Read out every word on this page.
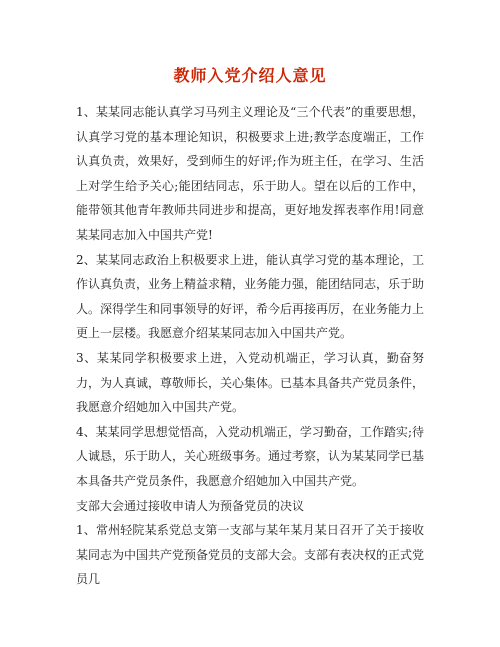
教师入党介绍人意见

1、某某同志能认真学习马列主义理论及“三个代表”的重要思想，认真学习党的基本理论知识，积极要求上进;教学态度端正，工作认真负责，效果好，受到师生的好评;作为班主任，在学习、生活上对学生给予关心;能团结同志，乐于助人。望在以后的工作中，能带领其他青年教师共同进步和提高，更好地发挥表率作用!同意某某同志加入中国共产党!

2、某某同志政治上积极要求上进，能认真学习党的基本理论，工作认真负责，业务上精益求精，业务能力强，能团结同志，乐于助人。深得学生和同事领导的好评，希今后再接再厉，在业务能力上更上一层楼。我愿意介绍某某同志加入中国共产党。

3、某某同学积极要求上进，入党动机端正，学习认真，勤奋努力，为人真诚，尊敬师长，关心集体。已基本具备共产党员条件，我愿意介绍她加入中国共产党。

4、某某同学思想觉悟高，入党动机端正，学习勤奋，工作踏实;待人诚恳，乐于助人，关心班级事务。通过考察，认为某某同学已基本具备共产党员条件，我愿意介绍她加入中国共产党。

支部大会通过接收申请人为预备党员的决议

1、常州轻院某系党总支第一支部与某年某月某日召开了关于接收某同志为中国共产党预备党员的支部大会。支部有表决权的正式党员几
